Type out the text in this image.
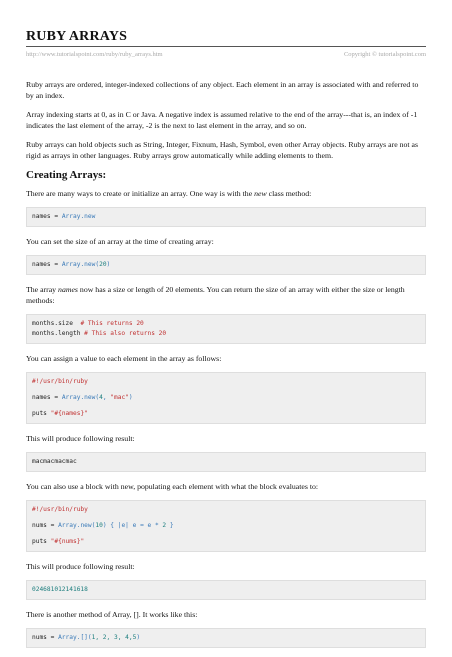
RUBY ARRAYS
http://www.tutorialspoint.com/ruby/ruby_arrays.htm	Copyright © tutorialspoint.com

Ruby arrays are ordered, integer-indexed collections of any object. Each element in an array is associated with and referred to by an index.

Array indexing starts at 0, as in C or Java. A negative index is assumed relative to the end of the array---that is, an index of -1 indicates the last element of the array, -2 is the next to last element in the array, and so on.

Ruby arrays can hold objects such as String, Integer, Fixnum, Hash, Symbol, even other Array objects. Ruby arrays are not as rigid as arrays in other languages. Ruby arrays grow automatically while adding elements to them.

Creating Arrays:

There are many ways to create or initialize an array. One way is with the new class method:

names = Array.new

You can set the size of an array at the time of creating array:

names = Array.new(20)

The array names now has a size or length of 20 elements. You can return the size of an array with either the size or length methods:

months.size  # This returns 20
months.length # This also returns 20

You can assign a value to each element in the array as follows:

#!/usr/bin/ruby
names = Array.new(4, "mac")
puts "#{names}"

This will produce following result:

macmacmacmac

You can also use a block with new, populating each element with what the block evaluates to:

#!/usr/bin/ruby
nums = Array.new(10) { |e| e = e * 2 }
puts "#{nums}"

This will produce following result:

024681012141618

There is another method of Array, []. It works like this:

nums = Array.[](1, 2, 3, 4,5)
